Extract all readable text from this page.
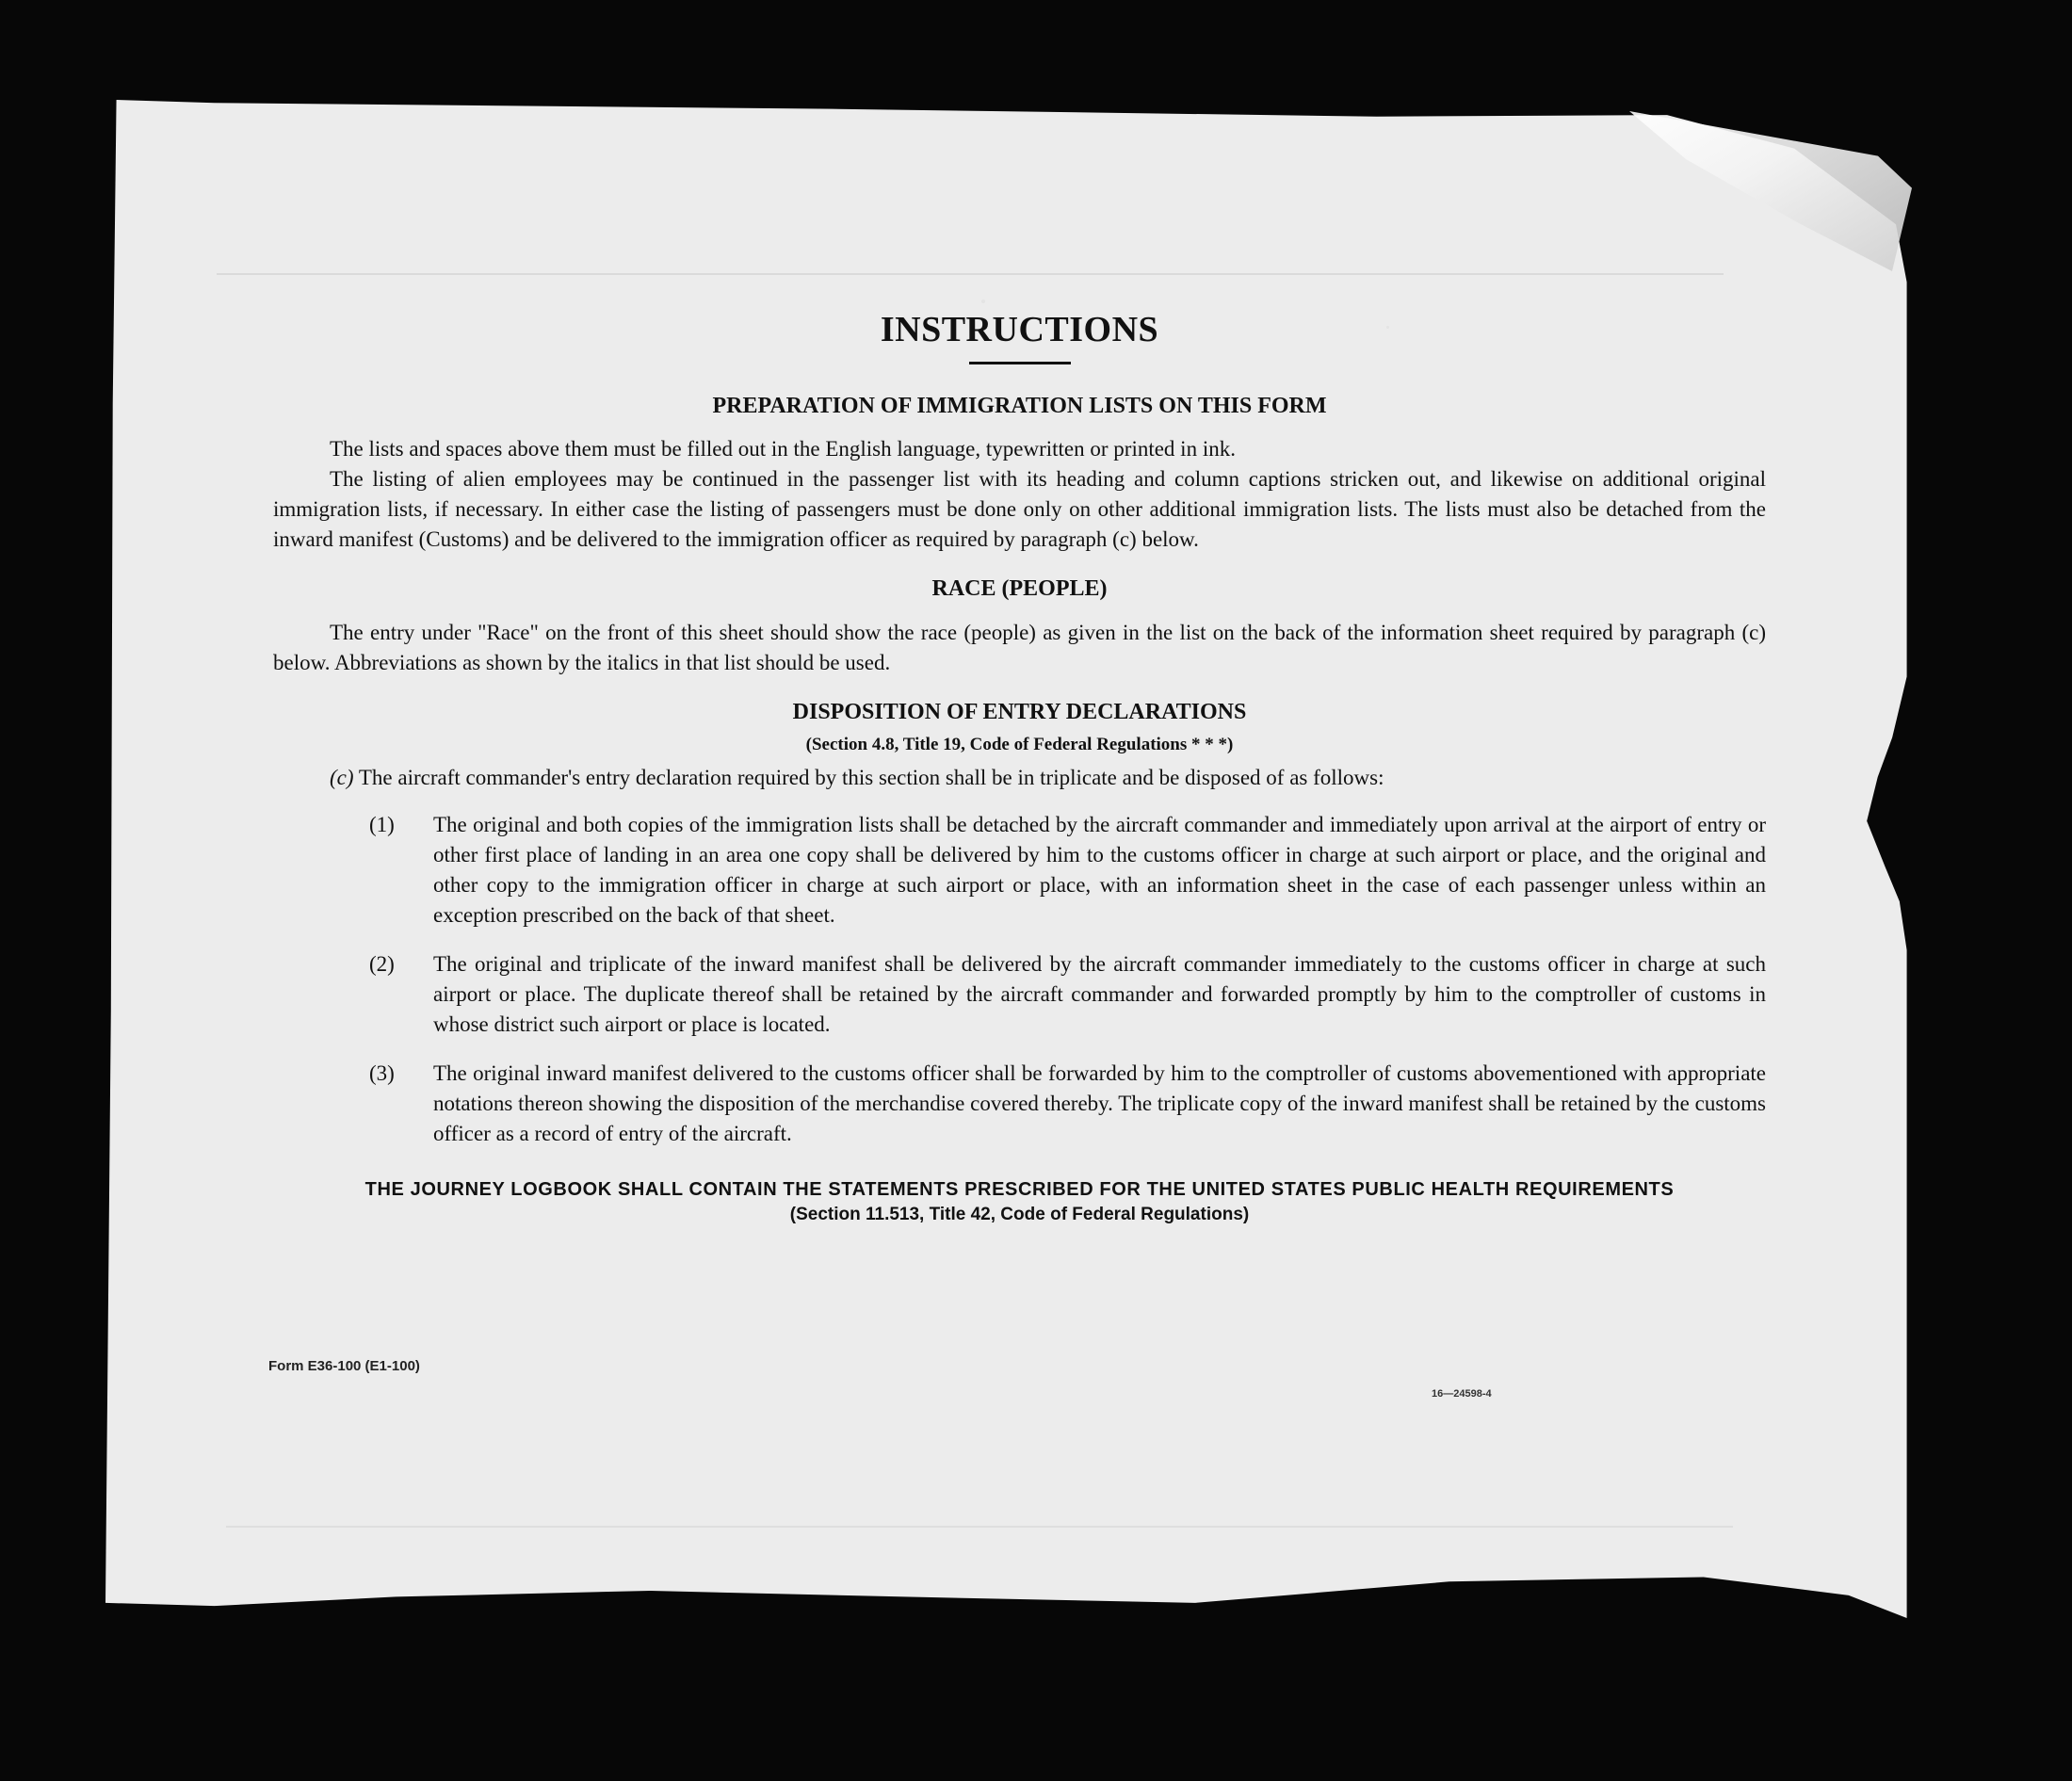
INSTRUCTIONS
PREPARATION OF IMMIGRATION LISTS ON THIS FORM

The lists and spaces above them must be filled out in the English language, typewritten or printed in ink.

The listing of alien employees may be continued in the passenger list with its heading and column captions stricken out, and likewise on additional original immigration lists, if necessary. In either case the listing of passengers must be done only on other additional immigration lists. The lists must also be detached from the inward manifest (Customs) and be delivered to the immigration officer as required by paragraph (c) below.

RACE (PEOPLE)

The entry under "Race" on the front of this sheet should show the race (people) as given in the list on the back of the information sheet required by paragraph (c) below. Abbreviations as shown by the italics in that list should be used.

DISPOSITION OF ENTRY DECLARATIONS
(Section 4.8, Title 19, Code of Federal Regulations * * *)
(c) The aircraft commander's entry declaration required by this section shall be in triplicate and be disposed of as follows:
(1)	The original and both copies of the immigration lists shall be detached by the aircraft commander and immediately upon arrival at the airport of entry or other first place of landing in an area one copy shall be delivered by him to the customs officer in charge at such airport or place, and the original and other copy to the immigration officer in charge at such airport or place, with an information sheet in the case of each passenger unless within an exception prescribed on the back of that sheet.
(2)	The original and triplicate of the inward manifest shall be delivered by the aircraft commander immediately to the customs officer in charge at such airport or place. The duplicate thereof shall be retained by the aircraft commander and forwarded promptly by him to the comptroller of customs in whose district such airport or place is located.
(3)	The original inward manifest delivered to the customs officer shall be forwarded by him to the comptroller of customs abovementioned with appropriate notations thereon showing the disposition of the merchandise covered thereby. The triplicate copy of the inward manifest shall be retained by the customs officer as a record of entry of the aircraft.
THE JOURNEY LOGBOOK SHALL CONTAIN THE STATEMENTS PRESCRIBED FOR THE UNITED STATES PUBLIC HEALTH REQUIREMENTS
(Section 11.513, Title 42, Code of Federal Regulations)
Form E36-100 (E1-100)
16—24598-4
